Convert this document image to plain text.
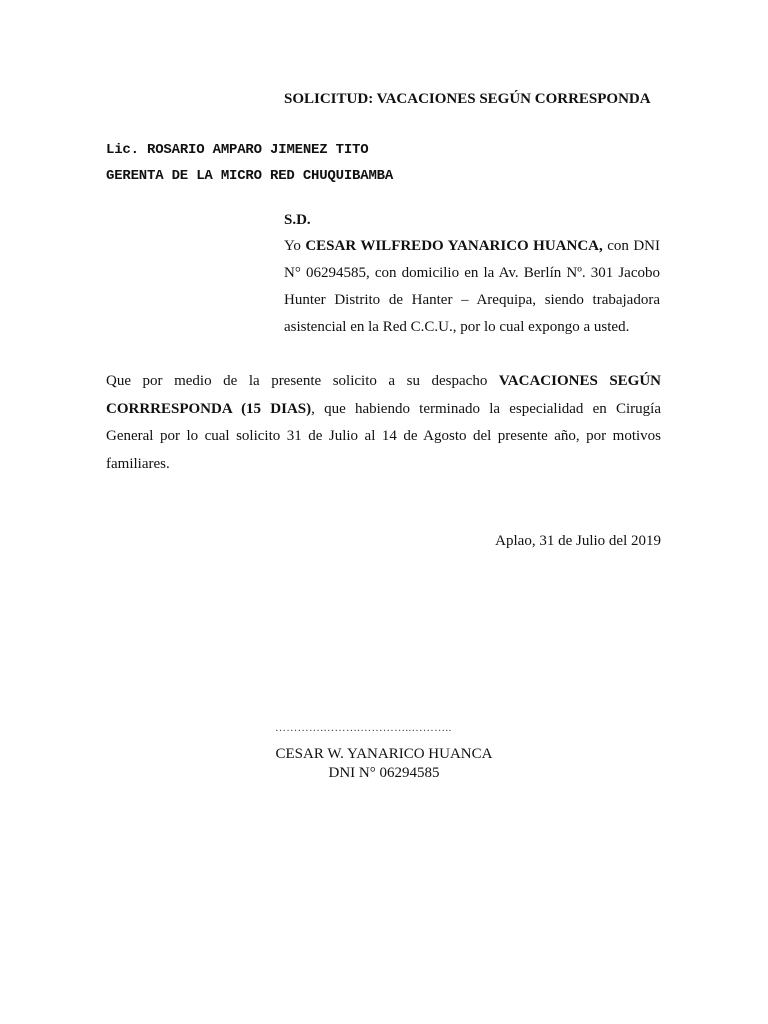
SOLICITUD: VACACIONES SEGÚN CORRESPONDA
Lic. ROSARIO AMPARO JIMENEZ TITO
GERENTA DE LA MICRO RED CHUQUIBAMBA
S.D.
Yo CESAR WILFREDO YANARICO HUANCA, con DNI N° 06294585, con domicilio en la Av. Berlín Nº. 301 Jacobo Hunter Distrito de Hanter – Arequipa, siendo trabajadora asistencial en la Red C.C.U., por lo cual expongo a usted.
Que por medio de la presente solicito a su despacho VACACIONES SEGÚN CORRRESPONDA (15 DIAS), que habiendo terminado la especialidad en Cirugía General por lo cual solicito 31 de Julio al 14 de Agosto del presente año, por motivos familiares.
Aplao, 31 de Julio del 2019
………….……….…………..………..
CESAR W. YANARICO HUANCA
DNI N° 06294585
